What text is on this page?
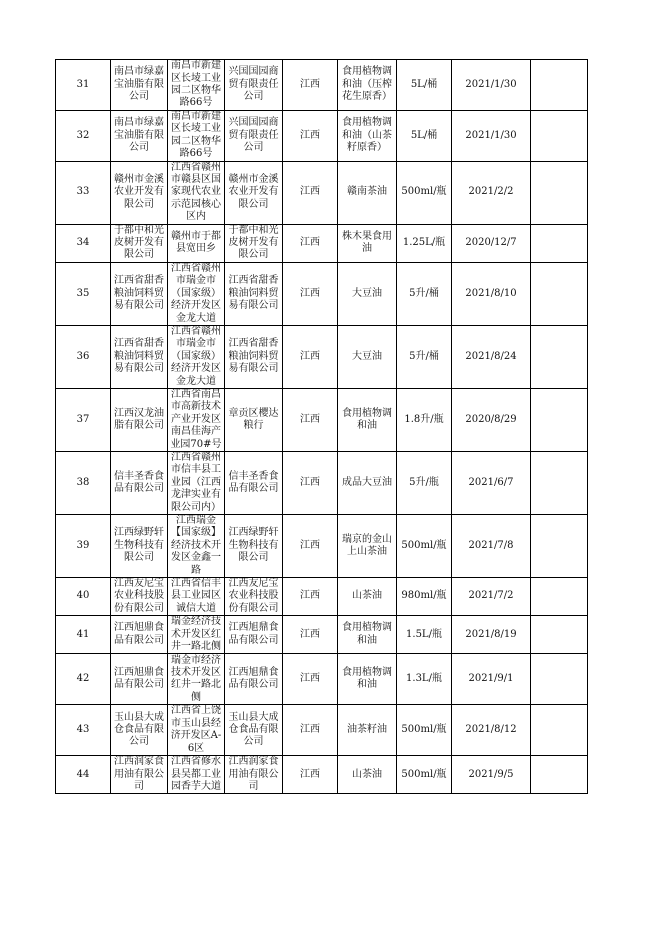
31	南昌市绿嘉宝油脂有限公司	南昌市新建区长堎工业园二区物华路66号	兴国国园商贸有限责任公司	江西	食用植物调和油（压榨花生原香）	5L/桶	2021/1/30	
32	南昌市绿嘉宝油脂有限公司	南昌市新建区长堎工业园二区物华路66号	兴国国园商贸有限责任公司	江西	食用植物调和油（山茶籽原香）	5L/桶	2021/1/30	
33	赣州市金溪农业开发有限公司	江西省赣州市赣县区国家现代农业示范园核心区内	赣州市金溪农业开发有限公司	江西	赣南茶油	500ml/瓶	2021/2/2	
34	于都中和光皮树开发有限公司	赣州市于都县宽田乡	于都中和光皮树开发有限公司	江西	株木果食用油	1.25L/瓶	2020/12/7	
35	江西省甜香粮油饲料贸易有限公司	江西省赣州市瑞金市（国家级）经济开发区金龙大道	江西省甜香粮油饲料贸易有限公司	江西	大豆油	5升/桶	2021/8/10	
36	江西省甜香粮油饲料贸易有限公司	江西省赣州市瑞金市（国家级）经济开发区金龙大道	江西省甜香粮油饲料贸易有限公司	江西	大豆油	5升/桶	2021/8/24	
37	江西汉龙油脂有限公司	江西省南昌市高新技术产业开发区南昌佳海产业园70#号	章贡区樱达粮行	江西	食用植物调和油	1.8升/瓶	2020/8/29	
38	信丰圣香食品有限公司	江西省赣州市信丰县工业园（江西龙津实业有限公司内）	信丰圣香食品有限公司	江西	成品大豆油	5升/瓶	2021/6/7	
39	江西绿野轩生物科技有限公司	江西瑞金【国家级】经济技术开发区金鑫一路	江西绿野轩生物科技有限公司	江西	瑞京的金山上山茶油	500ml/瓶	2021/7/8	
40	江西友尼宝农业科技股份有限公司	江西省信丰县工业园区诚信大道	江西友尼宝农业科技股份有限公司	江西	山茶油	980ml/瓶	2021/7/2	
41	江西旭鼎食品有限公司	瑞金经济技术开发区红井一路北侧	江西旭鼎食品有限公司	江西	食用植物调和油	1.5L/瓶	2021/8/19	
42	江西旭鼎食品有限公司	瑞金市经济技术开发区红井一路北侧	江西旭鼎食品有限公司	江西	食用植物调和油	1.3L/瓶	2021/9/1	
43	玉山县大成仓食品有限公司	江西省上饶市玉山县经济开发区A-6区	玉山县大成仓食品有限公司	江西	油茶籽油	500ml/瓶	2021/8/12	
44	江西润家食用油有限公司	江西省修水县吴都工业园香芋大道	江西润家食用油有限公司	江西	山茶油	500ml/瓶	2021/9/5	
